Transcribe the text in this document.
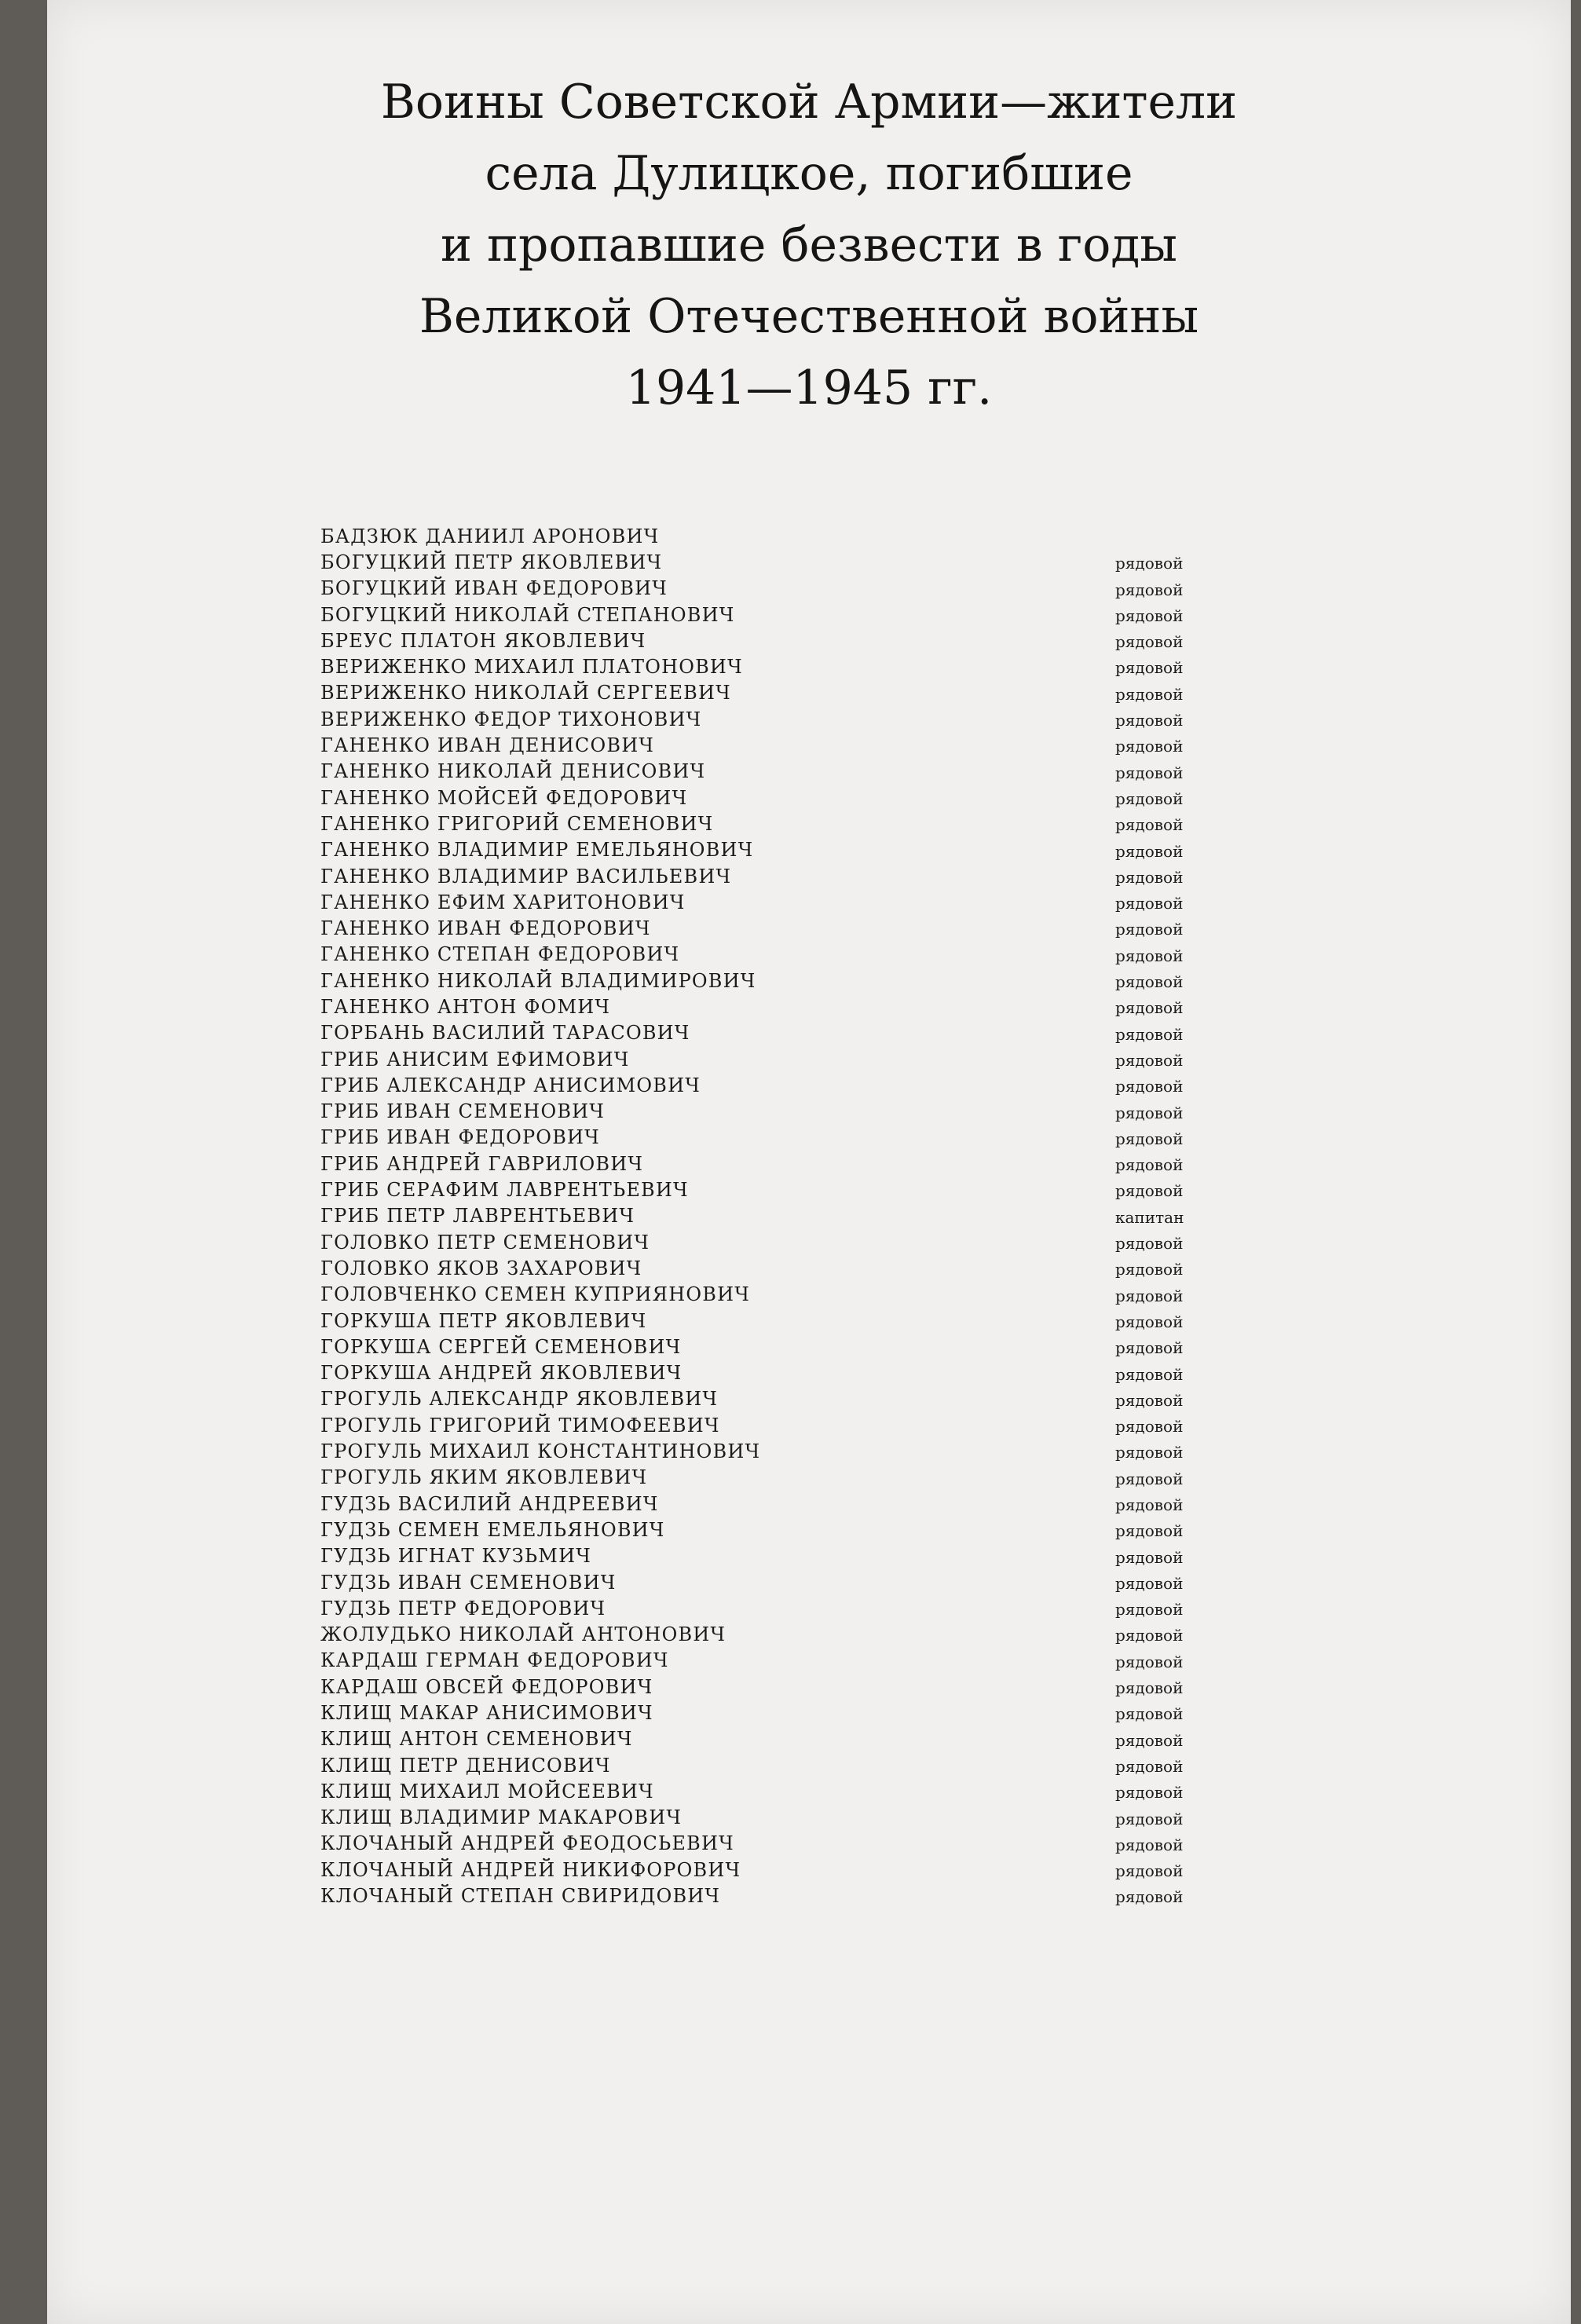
Воины Советской Армии—жители
села Дулицкое, погибшие
и пропавшие безвести в годы
Великой Отечественной войны
1941—1945 гг.
БАДЗЮК ДАНИИЛ АРОНОВИЧ
БОГУЦКИЙ ПЕТР ЯКОВЛЕВИЧ	рядовой
БОГУЦКИЙ ИВАН ФЕДОРОВИЧ	рядовой
БОГУЦКИЙ НИКОЛАЙ СТЕПАНОВИЧ	рядовой
БРЕУС ПЛАТОН ЯКОВЛЕВИЧ	рядовой
ВЕРИЖЕНКО МИХАИЛ ПЛАТОНОВИЧ	рядовой
ВЕРИЖЕНКО НИКОЛАЙ СЕРГЕЕВИЧ	рядовой
ВЕРИЖЕНКО ФЕДОР ТИХОНОВИЧ	рядовой
ГАНЕНКО ИВАН ДЕНИСОВИЧ	рядовой
ГАНЕНКО НИКОЛАЙ ДЕНИСОВИЧ	рядовой
ГАНЕНКО МОЙСЕЙ ФЕДОРОВИЧ	рядовой
ГАНЕНКО ГРИГОРИЙ СЕМЕНОВИЧ	рядовой
ГАНЕНКО ВЛАДИМИР ЕМЕЛЬЯНОВИЧ	рядовой
ГАНЕНКО ВЛАДИМИР ВАСИЛЬЕВИЧ	рядовой
ГАНЕНКО ЕФИМ ХАРИТОНОВИЧ	рядовой
ГАНЕНКО ИВАН ФЕДОРОВИЧ	рядовой
ГАНЕНКО СТЕПАН ФЕДОРОВИЧ	рядовой
ГАНЕНКО НИКОЛАЙ ВЛАДИМИРОВИЧ	рядовой
ГАНЕНКО АНТОН ФОМИЧ	рядовой
ГОРБАНЬ ВАСИЛИЙ ТАРАСОВИЧ	рядовой
ГРИБ АНИСИМ ЕФИМОВИЧ	рядовой
ГРИБ АЛЕКСАНДР АНИСИМОВИЧ	рядовой
ГРИБ ИВАН СЕМЕНОВИЧ	рядовой
ГРИБ ИВАН ФЕДОРОВИЧ	рядовой
ГРИБ АНДРЕЙ ГАВРИЛОВИЧ	рядовой
ГРИБ СЕРАФИМ ЛАВРЕНТЬЕВИЧ	рядовой
ГРИБ ПЕТР ЛАВРЕНТЬЕВИЧ	капитан
ГОЛОВКО ПЕТР СЕМЕНОВИЧ	рядовой
ГОЛОВКО ЯКОВ ЗАХАРОВИЧ	рядовой
ГОЛОВЧЕНКО СЕМЕН КУПРИЯНОВИЧ	рядовой
ГОРКУША ПЕТР ЯКОВЛЕВИЧ	рядовой
ГОРКУША СЕРГЕЙ СЕМЕНОВИЧ	рядовой
ГОРКУША АНДРЕЙ ЯКОВЛЕВИЧ	рядовой
ГРОГУЛЬ АЛЕКСАНДР ЯКОВЛЕВИЧ	рядовой
ГРОГУЛЬ ГРИГОРИЙ ТИМОФЕЕВИЧ	рядовой
ГРОГУЛЬ МИХАИЛ КОНСТАНТИНОВИЧ	рядовой
ГРОГУЛЬ ЯКИМ ЯКОВЛЕВИЧ	рядовой
ГУДЗЬ ВАСИЛИЙ АНДРЕЕВИЧ	рядовой
ГУДЗЬ СЕМЕН ЕМЕЛЬЯНОВИЧ	рядовой
ГУДЗЬ ИГНАТ КУЗЬМИЧ	рядовой
ГУДЗЬ ИВАН СЕМЕНОВИЧ	рядовой
ГУДЗЬ ПЕТР ФЕДОРОВИЧ	рядовой
ЖОЛУДЬКО НИКОЛАЙ АНТОНОВИЧ	рядовой
КАРДАШ ГЕРМАН ФЕДОРОВИЧ	рядовой
КАРДАШ ОВСЕЙ ФЕДОРОВИЧ	рядовой
КЛИЩ МАКАР АНИСИМОВИЧ	рядовой
КЛИЩ АНТОН СЕМЕНОВИЧ	рядовой
КЛИЩ ПЕТР ДЕНИСОВИЧ	рядовой
КЛИЩ МИХАИЛ МОЙСЕЕВИЧ	рядовой
КЛИЩ ВЛАДИМИР МАКАРОВИЧ	рядовой
КЛОЧАНЫЙ АНДРЕЙ ФЕОДОСЬЕВИЧ	рядовой
КЛОЧАНЫЙ АНДРЕЙ НИКИФОРОВИЧ	рядовой
КЛОЧАНЫЙ СТЕПАН СВИРИДОВИЧ	рядовой
